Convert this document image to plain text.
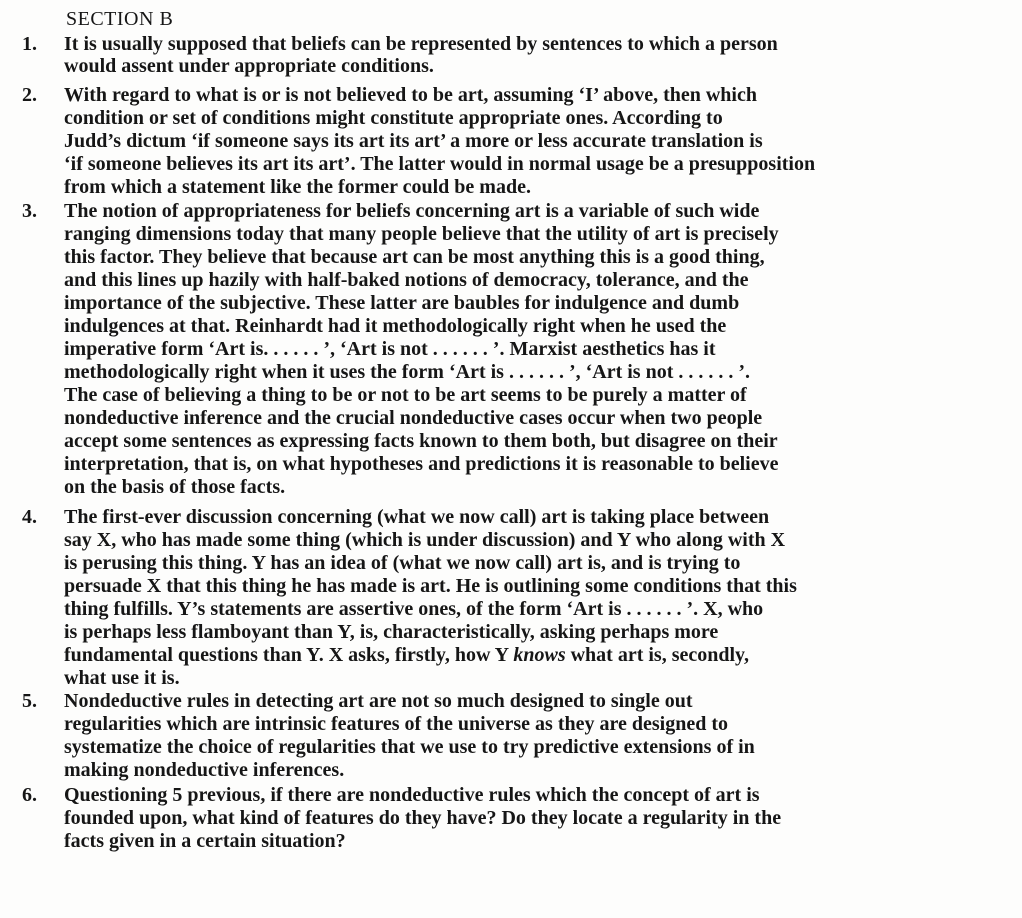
SECTION B
1. It is usually supposed that beliefs can be represented by sentences to which a person
would assent under appropriate conditions.
2. With regard to what is or is not believed to be art, assuming ‘I’ above, then which
condition or set of conditions might constitute appropriate ones. According to
Judd’s dictum ‘if someone says its art its art’ a more or less accurate translation is
‘if someone believes its art its art’. The latter would in normal usage be a presupposition
from which a statement like the former could be made.
3. The notion of appropriateness for beliefs concerning art is a variable of such wide
ranging dimensions today that many people believe that the utility of art is precisely
this factor. They believe that because art can be most anything this is a good thing,
and this lines up hazily with half-baked notions of democracy, tolerance, and the
importance of the subjective. These latter are baubles for indulgence and dumb
indulgences at that. Reinhardt had it methodologically right when he used the
imperative form ‘Art is. . . . . . ’, ‘Art is not . . . . . . ’. Marxist aesthetics has it
methodologically right when it uses the form ‘Art is . . . . . . ’, ‘Art is not . . . . . . ’.
The case of believing a thing to be or not to be art seems to be purely a matter of
nondeductive inference and the crucial nondeductive cases occur when two people
accept some sentences as expressing facts known to them both, but disagree on their
interpretation, that is, on what hypotheses and predictions it is reasonable to believe
on the basis of those facts.
4. The first-ever discussion concerning (what we now call) art is taking place between
say X, who has made some thing (which is under discussion) and Y who along with X
is perusing this thing. Y has an idea of (what we now call) art is, and is trying to
persuade X that this thing he has made is art. He is outlining some conditions that this
thing fulfills. Y’s statements are assertive ones, of the form ‘Art is . . . . . . ’. X, who
is perhaps less flamboyant than Y, is, characteristically, asking perhaps more
fundamental questions than Y. X asks, firstly, how Y knows what art is, secondly,
what use it is.
5. Nondeductive rules in detecting art are not so much designed to single out
regularities which are intrinsic features of the universe as they are designed to
systematize the choice of regularities that we use to try predictive extensions of in
making nondeductive inferences.
6. Questioning 5 previous, if there are nondeductive rules which the concept of art is
founded upon, what kind of features do they have? Do they locate a regularity in the
facts given in a certain situation?
